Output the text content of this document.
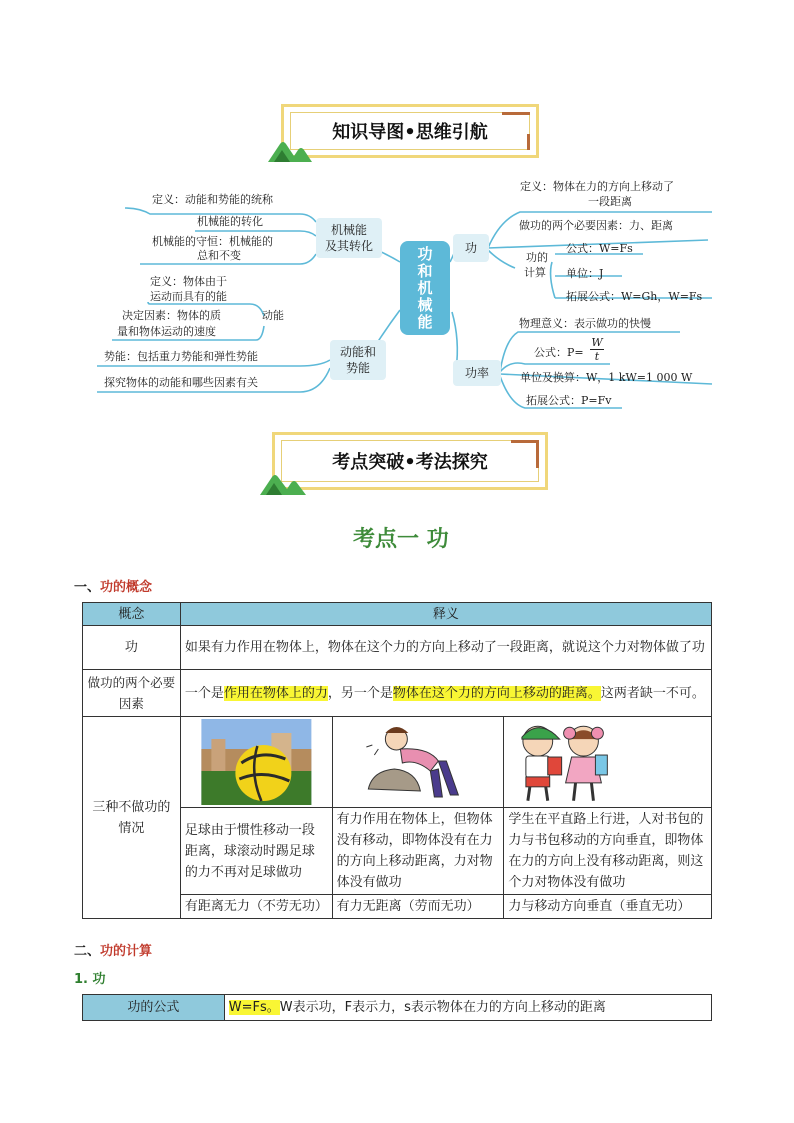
知识导图•思维引航
功和机械能
机械能
及其转化
动能和
势能
功
功率
定义：动能和势能的统称
机械能的转化
机械能的守恒：机械能的
总和不变
定义：物体由于
运动而具有的能
动能
决定因素：物体的质
量和物体运动的速度
势能：包括重力势能和弹性势能
探究物体的动能和哪些因素有关
定义：物体在力的方向上移动了
一段距离
做功的两个必要因素：力、距离
功的
计算
公式：W=Fs
单位：J
拓展公式：W=Gh，W=Fs
物理意义：表示做功的快慢
公式：$P= \frac{W}{t}$
单位及换算：W，1 kW=1 000 W
拓展公式：P=Fv
考点突破•考法探究
考点一 功
一、功的概念
概念	释义		
功	如果有力作用在物体上，物体在这个力的方向上移动了一段距离，就说这个力对物体做了功		
做功的两个必要因素	一个是作用在物体上的力，另一个是物体在这个力的方向上移动的距离。这两者缺一不可。		
三种不做功的情况	

	足球由于惯性移动一段距离，球滚动时踢足球的力不再对足球做功	有力作用在物体上，但物体没有移动，即物体没有在力的方向上移动距离，力对物体没有做功	学生在平直路上行进，人对书包的力与书包移动的方向垂直，即物体在力的方向上没有移动距离，则这个力对物体没有做功
	有距离无力（不劳无功）	有力无距离（劳而无功）	力与移动方向垂直（垂直无功）
二、功的计算
1. 功
功的公式	W=Fs。W表示功，F表示力，s表示物体在力的方向上移动的距离
